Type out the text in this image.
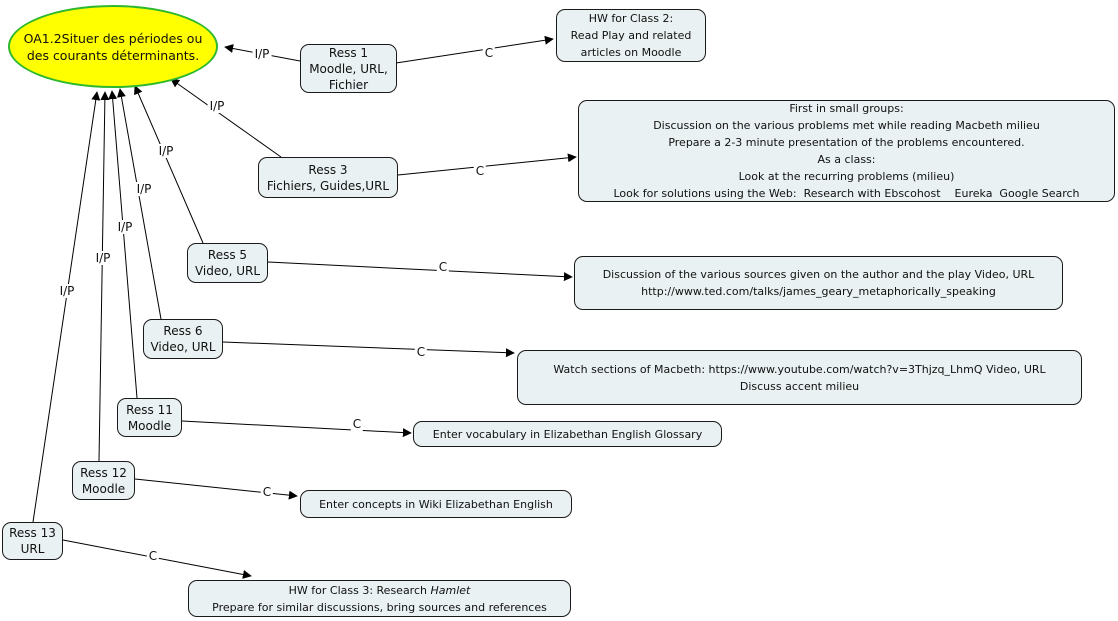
OA1.2Situer des périodes ou
des courants déterminants.	Ress 1
Moodle, URL,
Fichier
Ress 3
Fichiers, Guides,URL
Ress 5
Video, URL
Ress 6
Video, URL
Ress 11
Moodle
Ress 12
Moodle
Ress 13
URL
HW for Class 2:
Read Play and related
articles on Moodle
First in small groups:
Discussion on the various problems met while reading Macbeth milieu
Prepare a 2-3 minute presentation of the problems encountered.
As a class:
Look at the recurring problems (milieu)
Look for solutions using the Web:  Research with Ebscohost    Eureka  Google Search
Discussion of the various sources given on the author and the play Video, URL
http://www.ted.com/talks/james_geary_metaphorically_speaking
Watch sections of Macbeth: https://www.youtube.com/watch?v=3Thjzq_LhmQ Video, URL
Discuss accent milieu
Enter vocabulary in Elizabethan English Glossary
Enter concepts in Wiki Elizabethan English
HW for Class 3: Research Hamlet
Prepare for similar discussions, bring sources and references
I/P
I/P
I/P
I/P
I/P
I/P
I/P
C
C
C
C
C
C
C
